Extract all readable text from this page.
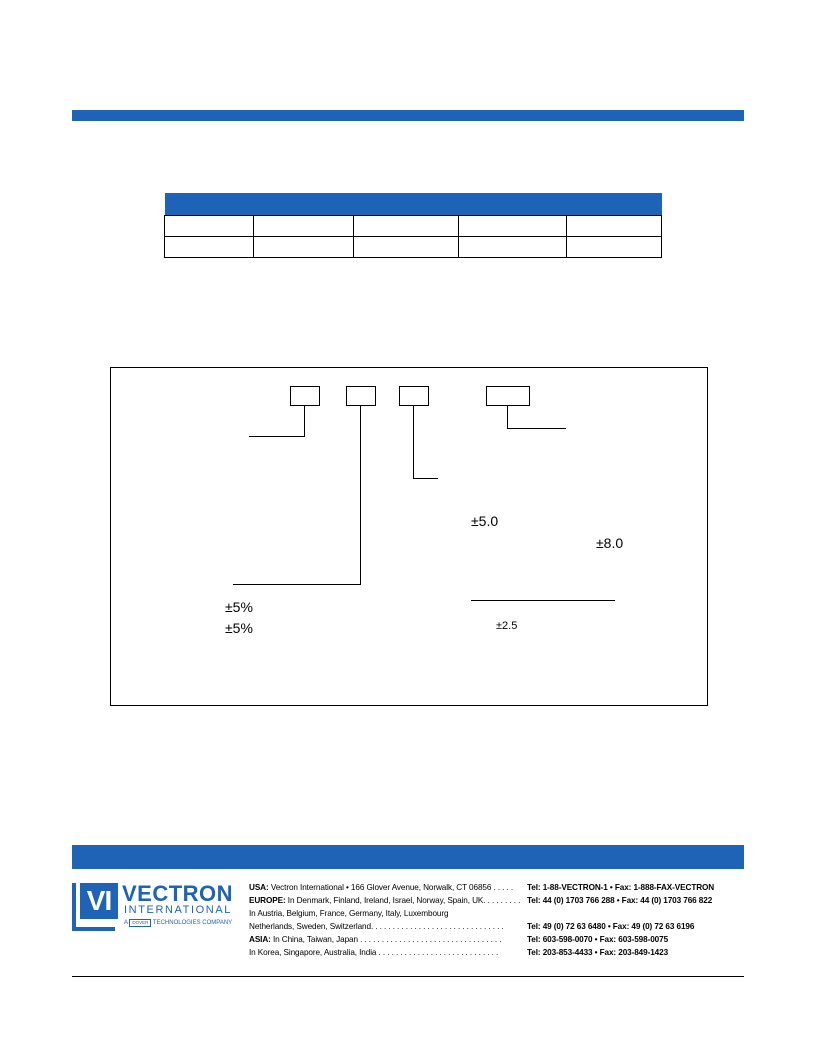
±5.0
±8.0
±5%
±5%	±2.5
VI VECTRON
INTERNATIONAL
A DOVER TECHNOLOGIES COMPANY
USA: Vectron International • 166 Glover Avenue, Norwalk, CT 06856 . . . . . Tel: 1-88-VECTRON-1 • Fax: 1-888-FAX-VECTRON
EUROPE: In Denmark, Finland, Ireland, Israel, Norway, Spain, UK. . . . . . . . . Tel: 44 (0) 1703 766 288 • Fax: 44 (0) 1703 766 822
In Austria, Belgium, France, Germany, Italy, Luxembourg
Netherlands, Sweden, Switzerland. . . . . . . . . . . . . . . . . . . . . . . . . . . . . . .	Tel: 49 (0) 72 63 6480 • Fax: 49 (0) 72 63 6196
ASIA: In China, Taiwan, Japan . . . . . . . . . . . . . . . . . . . . . . . . . . . . . . . . .	Tel: 603-598-0070 • Fax: 603-598-0075
In Korea, Singapore, Australia, India . . . . . . . . . . . . . . . . . . . . . . . . . . . .	Tel: 203-853-4433 • Fax: 203-849-1423
